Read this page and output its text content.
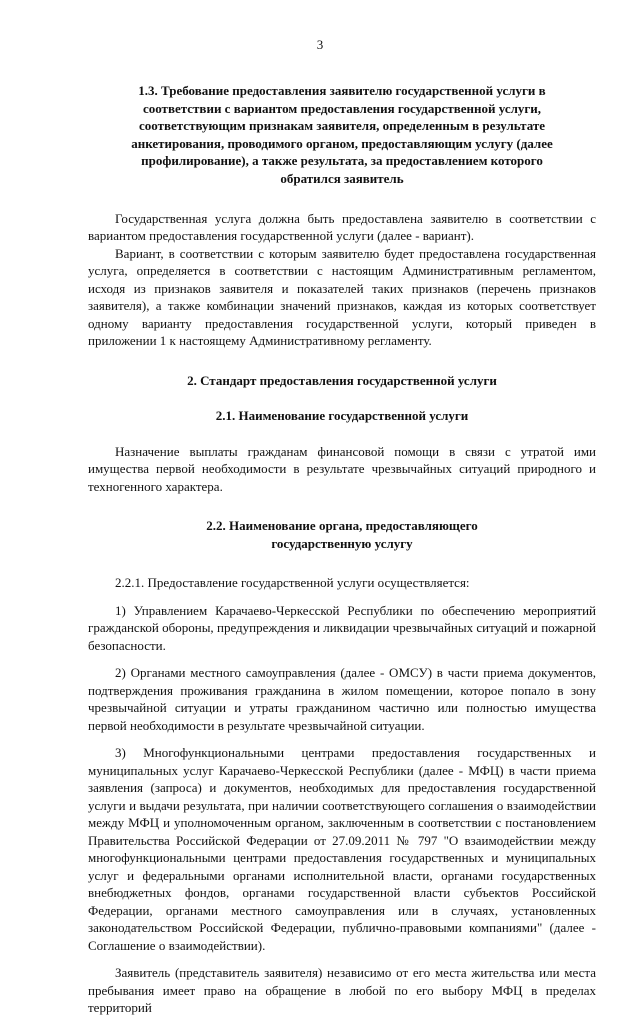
3

1.3. Требование предоставления заявителю государственной услуги в соответствии с вариантом предоставления государственной услуги, соответствующим признакам заявителя, определенным в результате анкетирования, проводимого органом, предоставляющим услугу (далее профилирование), а также результата, за предоставлением которого обратился заявитель

Государственная услуга должна быть предоставлена заявителю в соответствии с вариантом предоставления государственной услуги (далее - вариант).

Вариант, в соответствии с которым заявителю будет предоставлена государственная услуга, определяется в соответствии с настоящим Административным регламентом, исходя из признаков заявителя и показателей таких признаков (перечень признаков заявителя), а также комбинации значений признаков, каждая из которых соответствует одному варианту предоставления государственной услуги, который приведен в приложении 1 к настоящему Административному регламенту.

2. Стандарт предоставления государственной услуги

2.1. Наименование государственной услуги

Назначение выплаты гражданам финансовой помощи в связи с утратой ими имущества первой необходимости в результате чрезвычайных ситуаций природного и техногенного характера.

2.2. Наименование органа, предоставляющего государственную услугу

2.2.1. Предоставление государственной услуги осуществляется:

1) Управлением Карачаево-Черкесской Республики по обеспечению мероприятий гражданской обороны, предупреждения и ликвидации чрезвычайных ситуаций и пожарной безопасности.

2) Органами местного самоуправления (далее - ОМСУ) в части приема документов, подтверждения проживания гражданина в жилом помещении, которое попало в зону чрезвычайной ситуации и утраты гражданином частично или полностью имущества первой необходимости в результате чрезвычайной ситуации.

3) Многофункциональными центрами предоставления государственных и муниципальных услуг Карачаево-Черкесской Республики (далее - МФЦ) в части приема заявления (запроса) и документов, необходимых для предоставления государственной услуги и выдачи результата, при наличии соответствующего соглашения о взаимодействии между МФЦ и уполномоченным органом, заключенным в соответствии с постановлением Правительства Российской Федерации от 27.09.2011 № 797 "О взаимодействии между многофункциональными центрами предоставления государственных и муниципальных услуг и федеральными органами исполнительной власти, органами государственных внебюджетных фондов, органами государственной власти субъектов Российской Федерации, органами местного самоуправления или в случаях, установленных законодательством Российской Федерации, публично-правовыми компаниями" (далее - Соглашение о взаимодействии).

Заявитель (представитель заявителя) независимо от его места жительства или места пребывания имеет право на обращение в любой по его выбору МФЦ в пределах территорий
